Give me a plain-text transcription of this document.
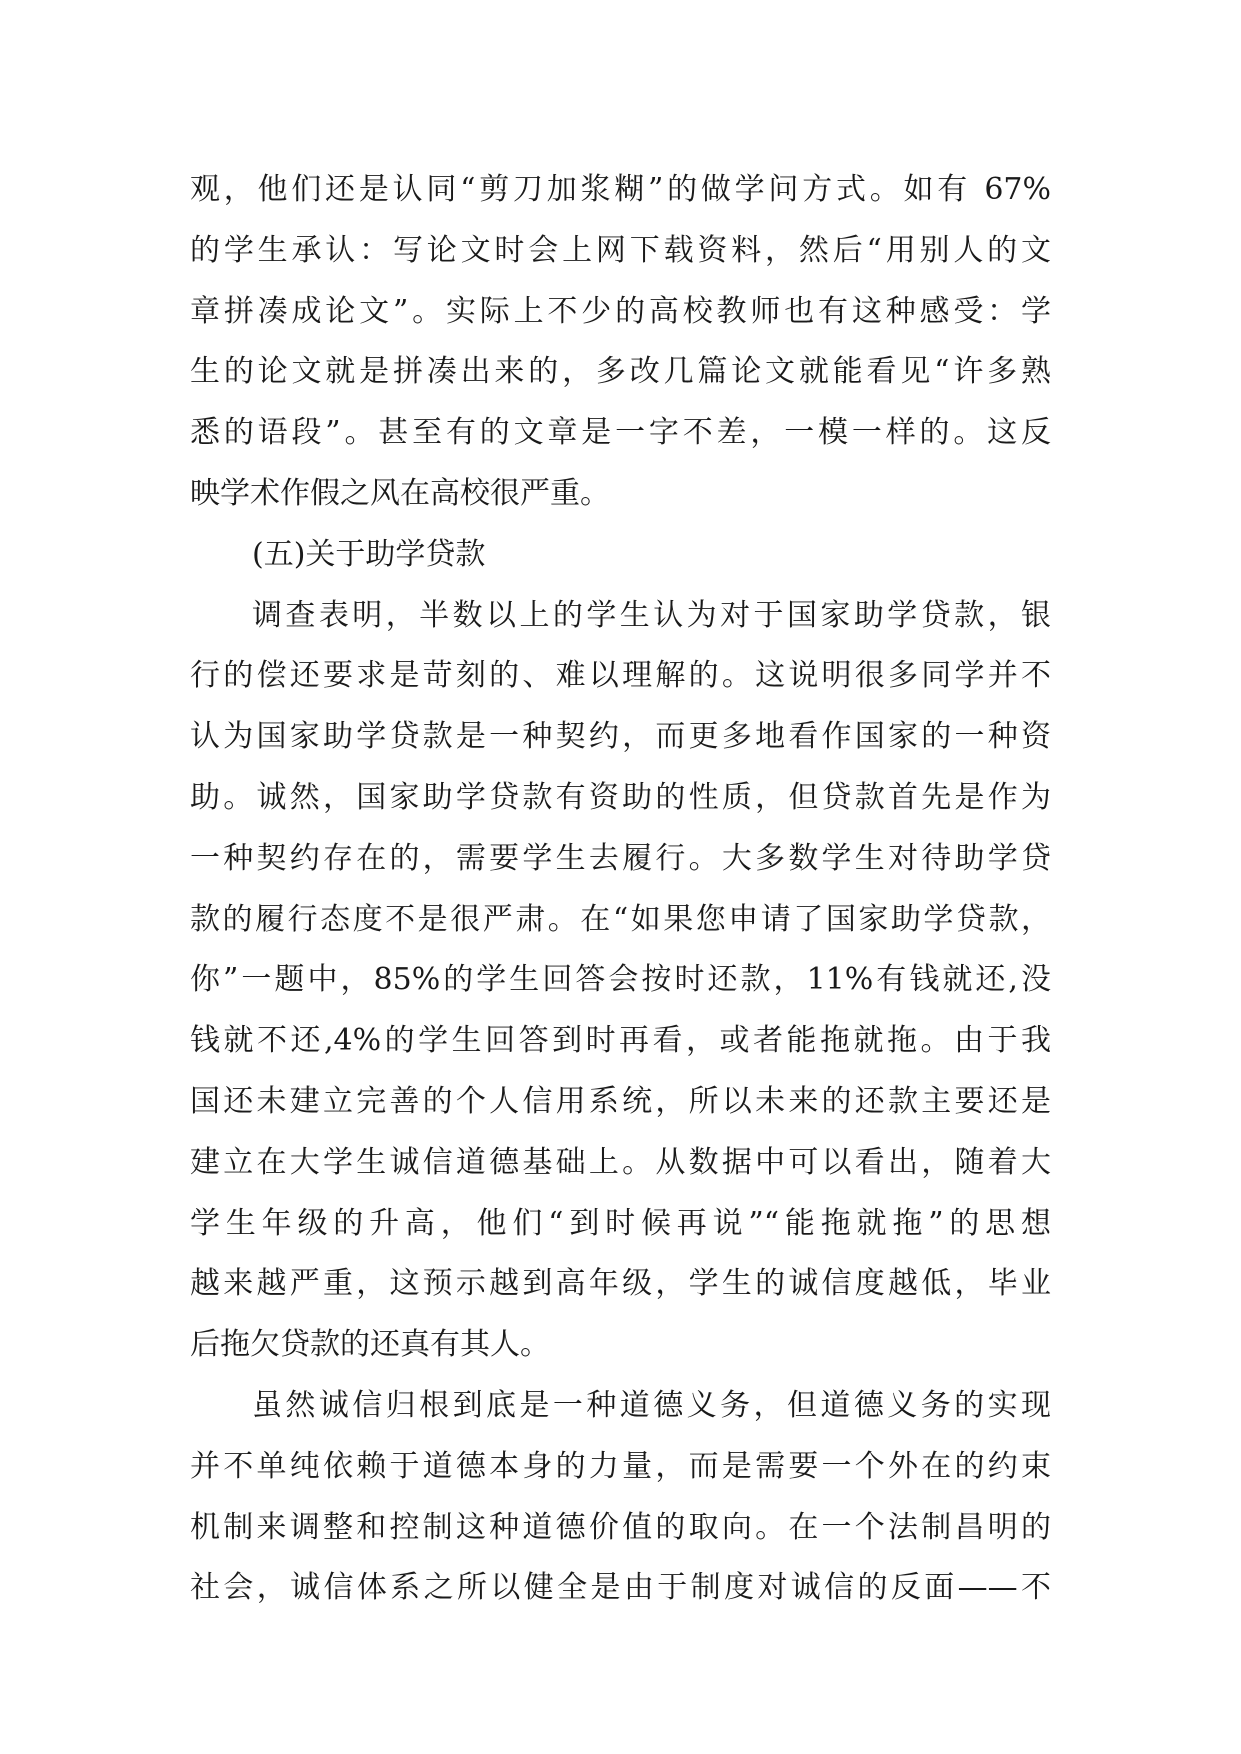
观，他们还是认同“剪刀加浆糊”的做学问方式。如有 67%
的学生承认：写论文时会上网下载资料，然后“用别人的文
章拼凑成论文”。实际上不少的高校教师也有这种感受：学
生的论文就是拼凑出来的，多改几篇论文就能看见“许多熟
悉的语段”。甚至有的文章是一字不差，一模一样的。这反
映学术作假之风在高校很严重。
(五)关于助学贷款
调查表明，半数以上的学生认为对于国家助学贷款，银
行的偿还要求是苛刻的、难以理解的。这说明很多同学并不
认为国家助学贷款是一种契约，而更多地看作国家的一种资
助。诚然，国家助学贷款有资助的性质，但贷款首先是作为
一种契约存在的，需要学生去履行。大多数学生对待助学贷
款的履行态度不是很严肃。在“如果您申请了国家助学贷款，
你”一题中，85%的学生回答会按时还款，11%有钱就还,没
钱就不还,4%的学生回答到时再看，或者能拖就拖。由于我
国还未建立完善的个人信用系统，所以未来的还款主要还是
建立在大学生诚信道德基础上。从数据中可以看出，随着大
学生年级的升高，他们“到时候再说”“能拖就拖”的思想
越来越严重，这预示越到高年级，学生的诚信度越低，毕业
后拖欠贷款的还真有其人。
虽然诚信归根到底是一种道德义务，但道德义务的实现
并不单纯依赖于道德本身的力量，而是需要一个外在的约束
机制来调整和控制这种道德价值的取向。在一个法制昌明的
社会，诚信体系之所以健全是由于制度对诚信的反面——不
